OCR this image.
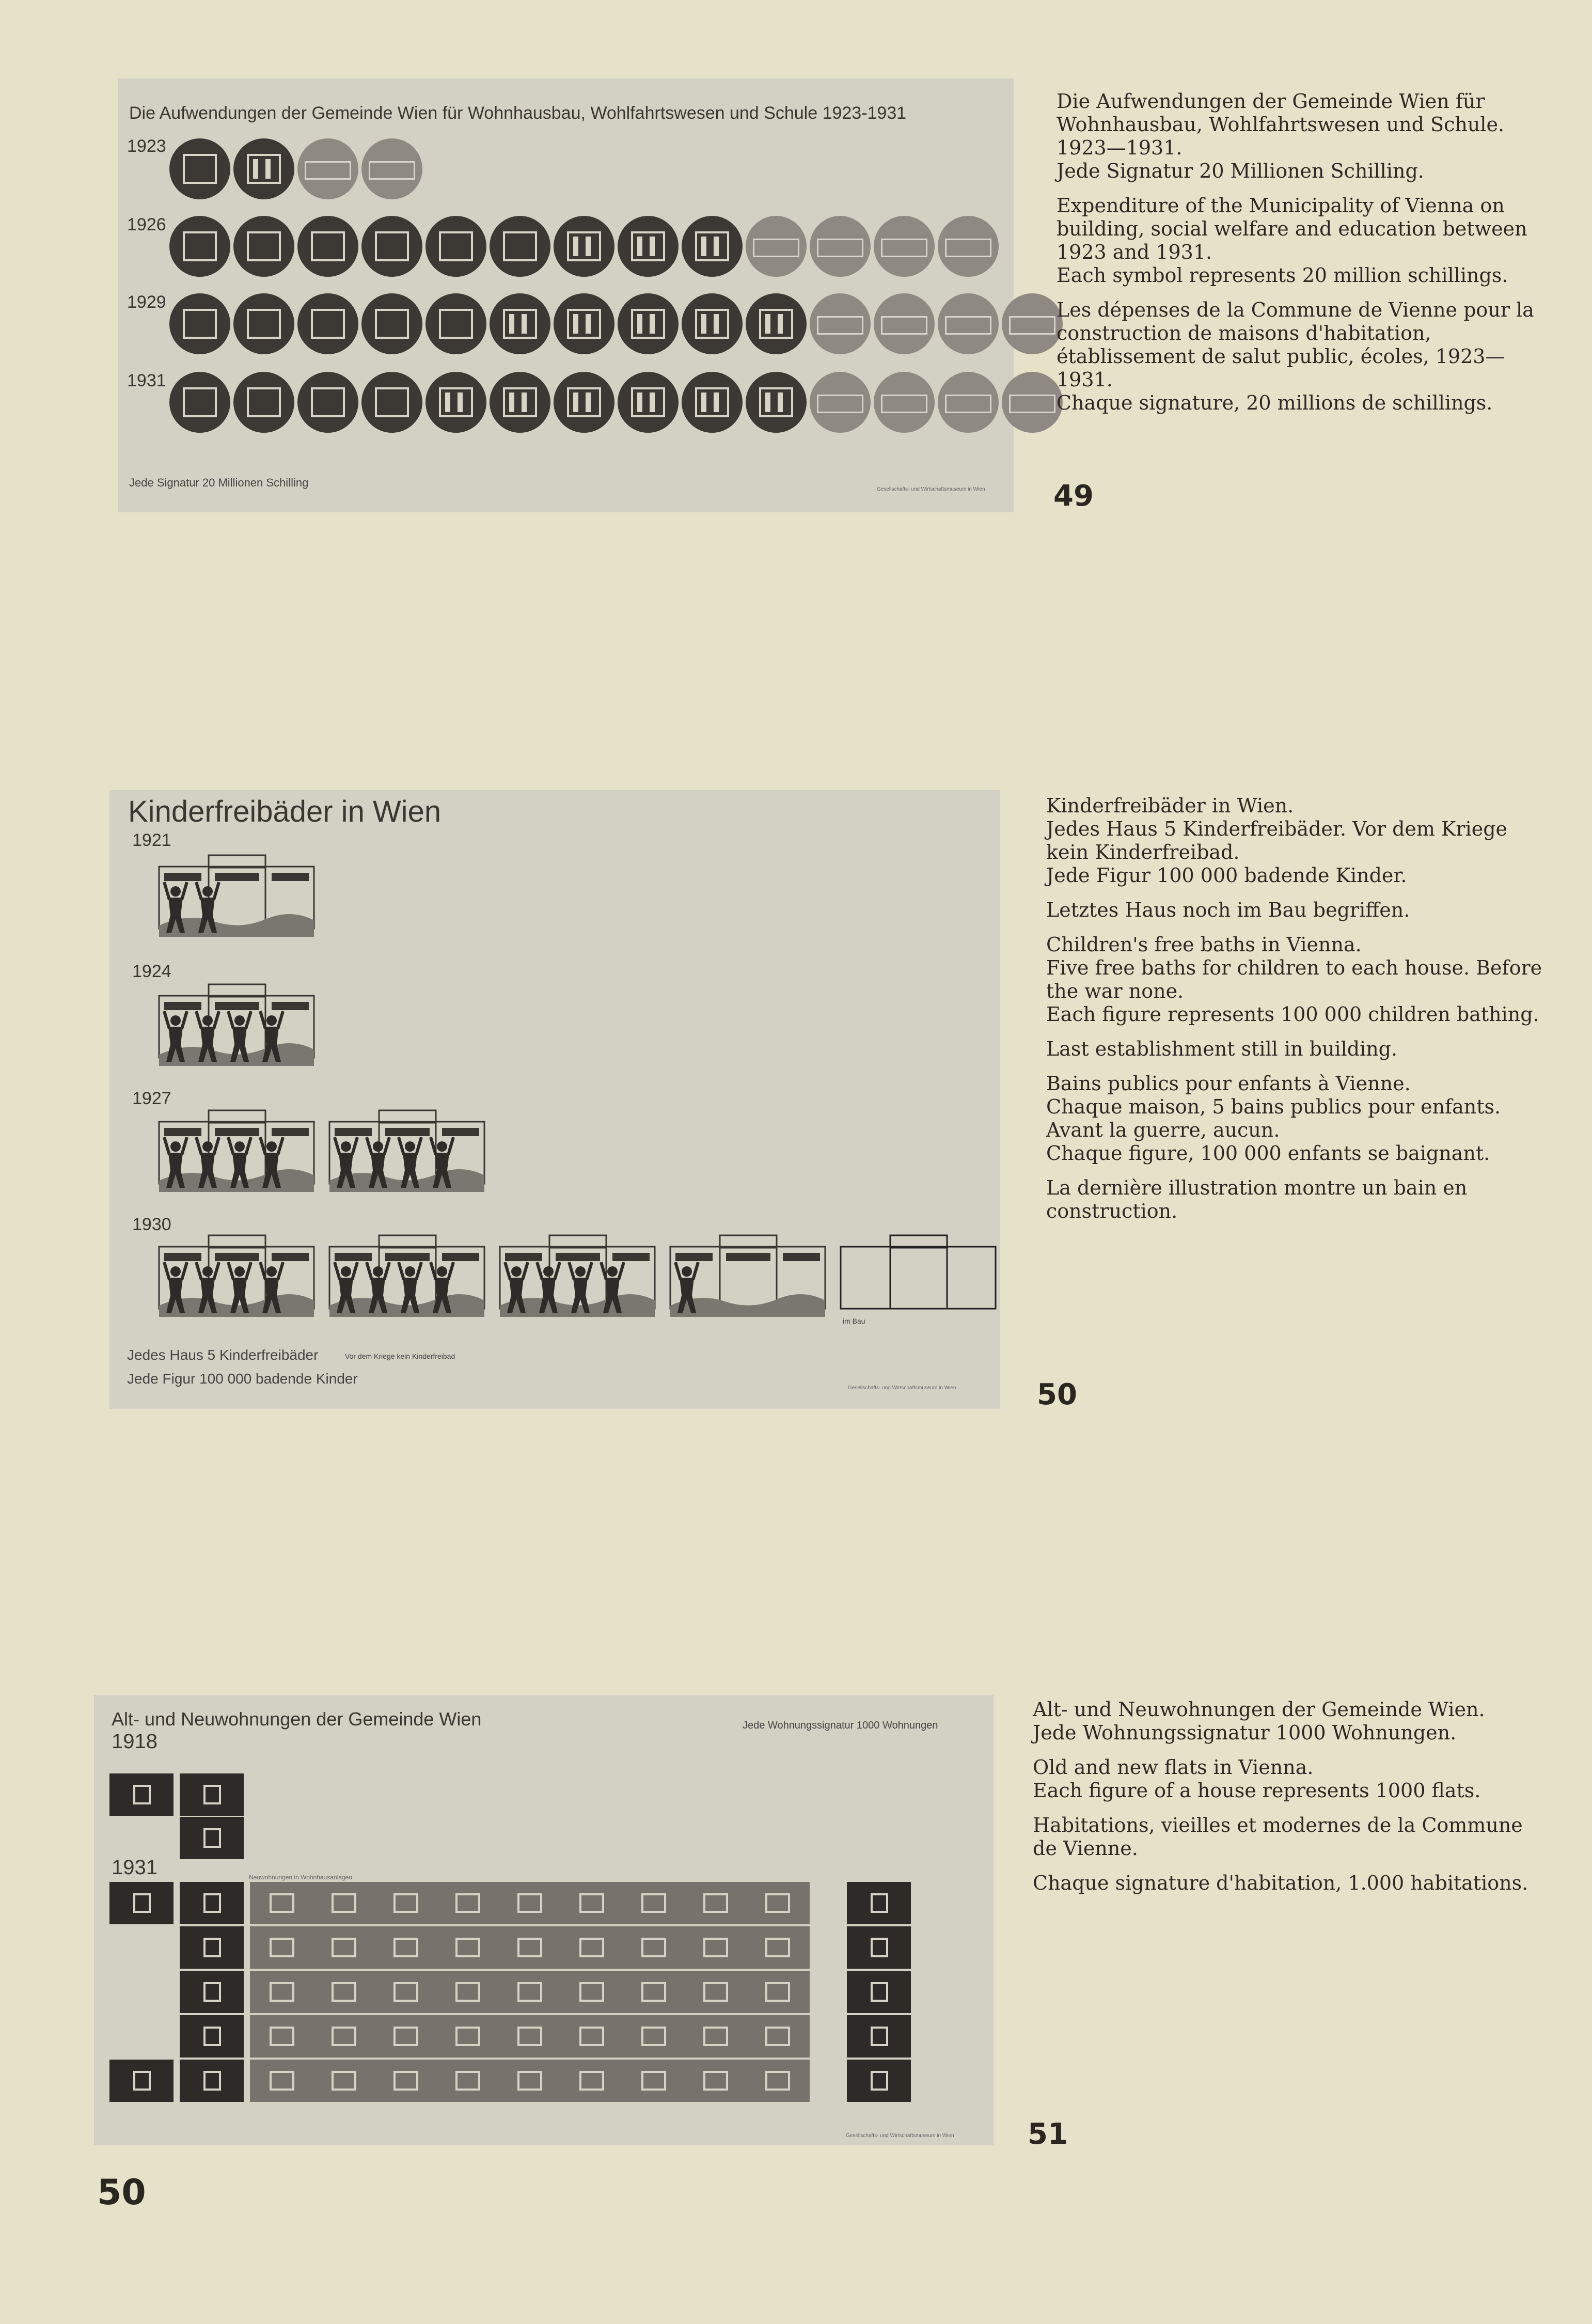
Die Aufwendungen der Gemeinde Wien für Wohnhausbau, Wohlfahrtswesen und Schule 1923-1931
1923
1926
1929
1931
Jede Signatur 20 Millionen Schilling
Gesellschafts- und Wirtschaftsmuseum in Wien

Die Aufwendungen der Gemeinde Wien für Wohnhausbau, Wohlfahrtswesen und Schule. 1923—1931.
Jede Signatur 20 Millionen Schilling.

Expenditure of the Municipality of Vienna on building, social welfare and education between 1923 and 1931.
Each symbol represents 20 million schillings.

Les dépenses de la Commune de Vienne pour la construction de maisons d'habitation, établissement de salut public, écoles, 1923—1931.
Chaque signature, 20 millions de schillings.

49
Kinderfreibäder in Wien
1921
1924
1927
1930
im Bau
Jedes Haus 5 Kinderfreibäder	Vor dem Kriege kein Kinderfreibad
Jede Figur 100 000 badende Kinder
Gesellschafts- und Wirtschaftsmuseum in Wien

Kinderfreibäder in Wien.
Jedes Haus 5 Kinderfreibäder. Vor dem Kriege kein Kinderfreibad.
Jede Figur 100 000 badende Kinder.

Letztes Haus noch im Bau begriffen.

Children's free baths in Vienna.
Five free baths for children to each house. Before the war none.
Each figure represents 100 000 children bathing.

Last establishment still in building.

Bains publics pour enfants à Vienne.
Chaque maison, 5 bains publics pour enfants. Avant la guerre, aucun.
Chaque figure, 100 000 enfants se baignant.

La dernière illustration montre un bain en construction.

50
Alt- und Neuwohnungen der Gemeinde Wien	Jede Wohnungssignatur 1000 Wohnungen
1918
1931	Neuwohnungen in Wohnhausanlagen
Gesellschafts- und Wirtschaftsmuseum in Wien

Alt- und Neuwohnungen der Gemeinde Wien.
Jede Wohnungssignatur 1000 Wohnungen.

Old and new flats in Vienna.
Each figure of a house represents 1000 flats.

Habitations, vieilles et modernes de la Commune de Vienne.

Chaque signature d'habitation, 1.000 habitations.

51
50
